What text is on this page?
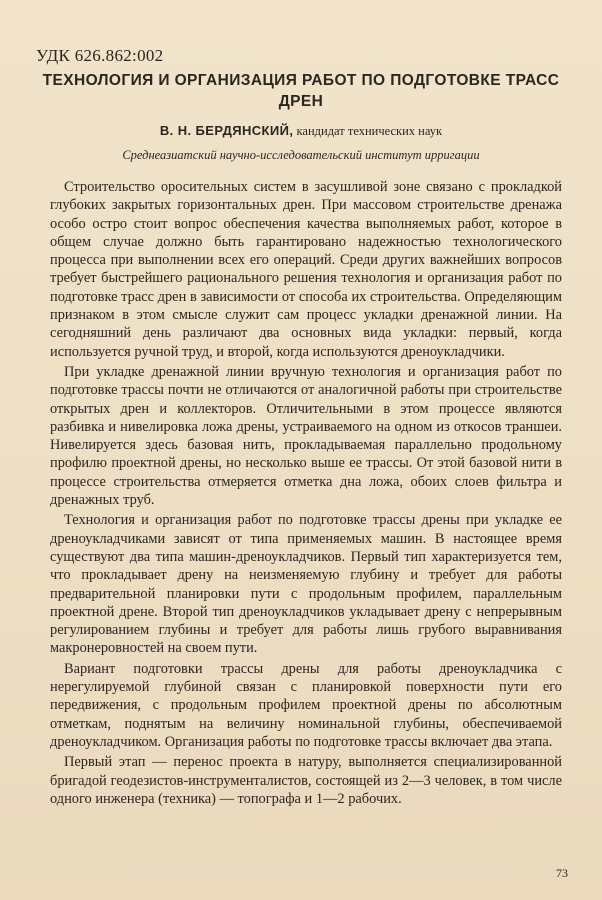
УДК 626.862:002
ТЕХНОЛОГИЯ И ОРГАНИЗАЦИЯ РАБОТ ПО ПОДГОТОВКЕ ТРАСС ДРЕН
В. Н. БЕРДЯНСКИЙ, кандидат технических наук
Среднеазиатский научно-исследовательский институт ирригации

Строительство оросительных систем в засушливой зоне связано с прокладкой глубоких закрытых горизонтальных дрен. При массовом строительстве дренажа особо остро стоит вопрос обеспечения качества выполняемых работ, которое в общем случае должно быть гарантировано надежностью технологического процесса при выполнении всех его операций. Среди других важнейших вопросов требует быстрейшего рационального решения технология и организация работ по подготовке трасс дрен в зависимости от способа их строительства. Определяющим признаком в этом смысле служит сам процесс укладки дренажной линии. На сегодняшний день различают два основных вида укладки: первый, когда используется ручной труд, и второй, когда используются дреноукладчики.

При укладке дренажной линии вручную технология и организация работ по подготовке трассы почти не отличаются от аналогичной работы при строительстве открытых дрен и коллекторов. Отличительными в этом процессе являются разбивка и нивелировка ложа дрены, устраиваемого на одном из откосов траншеи. Нивелируется здесь базовая нить, прокладываемая параллельно продольному профилю проектной дрены, но несколько выше ее трассы. От этой базовой нити в процессе строительства отмеряется отметка дна ложа, обоих слоев фильтра и дренажных труб.

Технология и организация работ по подготовке трассы дрены при укладке ее дреноукладчиками зависят от типа применяемых машин. В настоящее время существуют два типа машин-дреноукладчиков. Первый тип характеризуется тем, что прокладывает дрену на неизменяемую глубину и требует для работы предварительной планировки пути с продольным профилем, параллельным проектной дрене. Второй тип дреноукладчиков укладывает дрену с непрерывным регулированием глубины и требует для работы лишь грубого выравнивания макронеровностей на своем пути.

Вариант подготовки трассы дрены для работы дреноукладчика с нерегулируемой глубиной связан с планировкой поверхности пути его передвижения, с продольным профилем проектной дрены по абсолютным отметкам, поднятым на величину номинальной глубины, обеспечиваемой дреноукладчиком. Организация работы по подготовке трассы включает два этапа.

Первый этап — перенос проекта в натуру, выполняется специализированной бригадой геодезистов-инструменталистов, состоящей из 2—3 человек, в том числе одного инженера (техника) — топографа и 1—2 рабочих.

73
